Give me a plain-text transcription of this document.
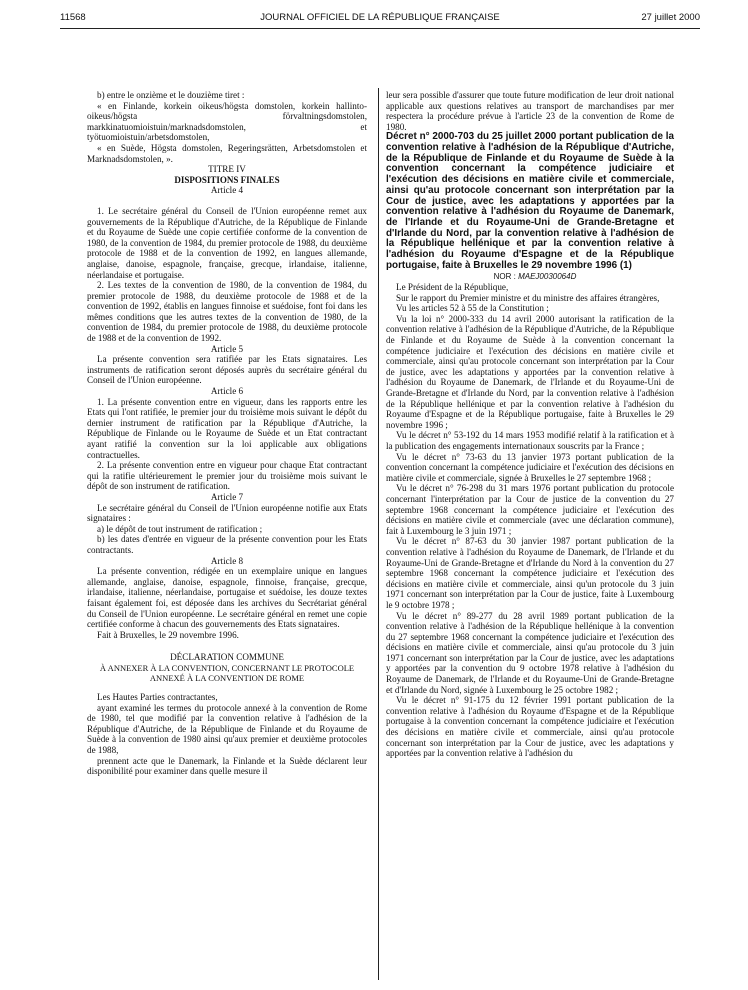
11568	JOURNAL OFFICIEL DE LA RÉPUBLIQUE FRANÇAISE	27 juillet 2000

b) entre le onzième et le douzième tiret :

« en Finlande, korkein oikeus/högsta domstolen, korkein hallinto-oikeus/högsta förvaltningsdomstolen, markkinatuomioistuin/marknadsdomstolen, et työtuomioistuin/arbetsdomstolen,

« en Suède, Högsta domstolen, Regeringsrätten, Arbetsdomstolen et Marknadsdomstolen, ».

TITRE IV

DISPOSITIONS FINALES

Article 4

1. Le secrétaire général du Conseil de l'Union européenne remet aux gouvernements de la République d'Autriche, de la République de Finlande et du Royaume de Suède une copie certifiée conforme de la convention de 1980, de la convention de 1984, du premier protocole de 1988, du deuxième protocole de 1988 et de la convention de 1992, en langues allemande, anglaise, danoise, espagnole, française, grecque, irlandaise, italienne, néerlandaise et portugaise.

2. Les textes de la convention de 1980, de la convention de 1984, du premier protocole de 1988, du deuxième protocole de 1988 et de la convention de 1992, établis en langues finnoise et suédoise, font foi dans les mêmes conditions que les autres textes de la convention de 1980, de la convention de 1984, du premier protocole de 1988, du deuxième protocole de 1988 et de la convention de 1992.

Article 5

La présente convention sera ratifiée par les Etats signataires. Les instruments de ratification seront déposés auprès du secrétaire général du Conseil de l'Union européenne.

Article 6

1. La présente convention entre en vigueur, dans les rapports entre les Etats qui l'ont ratifiée, le premier jour du troisième mois suivant le dépôt du dernier instrument de ratification par la République d'Autriche, la République de Finlande ou le Royaume de Suède et un Etat contractant ayant ratifié la convention sur la loi applicable aux obligations contractuelles.

2. La présente convention entre en vigueur pour chaque Etat contractant qui la ratifie ultérieurement le premier jour du troisième mois suivant le dépôt de son instrument de ratification.

Article 7

Le secrétaire général du Conseil de l'Union européenne notifie aux Etats signataires :

a) le dépôt de tout instrument de ratification ;

b) les dates d'entrée en vigueur de la présente convention pour les Etats contractants.

Article 8

La présente convention, rédigée en un exemplaire unique en langues allemande, anglaise, danoise, espagnole, finnoise, française, grecque, irlandaise, italienne, néerlandaise, portugaise et suédoise, les douze textes faisant également foi, est déposée dans les archives du Secrétariat général du Conseil de l'Union européenne. Le secrétaire général en remet une copie certifiée conforme à chacun des gouvernements des Etats signataires.

Fait à Bruxelles, le 29 novembre 1996.

DÉCLARATION COMMUNE

À ANNEXER À LA CONVENTION, CONCERNANT LE PROTOCOLE ANNEXÉ À LA CONVENTION DE ROME

Les Hautes Parties contractantes,

ayant examiné les termes du protocole annexé à la convention de Rome de 1980, tel que modifié par la convention relative à l'adhésion de la République d'Autriche, de la République de Finlande et du Royaume de Suède à la convention de 1980 ainsi qu'aux premier et deuxième protocoles de 1988,

prennent acte que le Danemark, la Finlande et la Suède déclarent leur disponibilité pour examiner dans quelle mesure il

leur sera possible d'assurer que toute future modification de leur droit national applicable aux questions relatives au transport de marchandises par mer respectera la procédure prévue à l'article 23 de la convention de Rome de 1980.

Décret n° 2000-703 du 25 juillet 2000 portant publication de la convention relative à l'adhésion de la République d'Autriche, de la République de Finlande et du Royaume de Suède à la convention concernant la compétence judiciaire et l'exécution des décisions en matière civile et commerciale, ainsi qu'au protocole concernant son interprétation par la Cour de justice, avec les adaptations y apportées par la convention relative à l'adhésion du Royaume de Danemark, de l'Irlande et du Royaume-Uni de Grande-Bretagne et d'Irlande du Nord, par la convention relative à l'adhésion de la République hellénique et par la convention relative à l'adhésion du Royaume d'Espagne et de la République portugaise, faite à Bruxelles le 29 novembre 1996 (1)

NOR : MAEJ0030064D

Le Président de la République,

Sur le rapport du Premier ministre et du ministre des affaires étrangères,

Vu les articles 52 à 55 de la Constitution ;

Vu la loi n° 2000-333 du 14 avril 2000 autorisant la ratification de la convention relative à l'adhésion de la République d'Autriche, de la République de Finlande et du Royaume de Suède à la convention concernant la compétence judiciaire et l'exécution des décisions en matière civile et commerciale, ainsi qu'au protocole concernant son interprétation par la Cour de justice, avec les adaptations y apportées par la convention relative à l'adhésion du Royaume de Danemark, de l'Irlande et du Royaume-Uni de Grande-Bretagne et d'Irlande du Nord, par la convention relative à l'adhésion de la République hellénique et par la convention relative à l'adhésion du Royaume d'Espagne et de la République portugaise, faite à Bruxelles le 29 novembre 1996 ;

Vu le décret n° 53-192 du 14 mars 1953 modifié relatif à la ratification et à la publication des engagements internationaux souscrits par la France ;

Vu le décret n° 73-63 du 13 janvier 1973 portant publication de la convention concernant la compétence judiciaire et l'exécution des décisions en matière civile et commerciale, signée à Bruxelles le 27 septembre 1968 ;

Vu le décret n° 76-298 du 31 mars 1976 portant publication du protocole concernant l'interprétation par la Cour de justice de la convention du 27 septembre 1968 concernant la compétence judiciaire et l'exécution des décisions en matière civile et commerciale (avec une déclaration commune), fait à Luxembourg le 3 juin 1971 ;

Vu le décret n° 87-63 du 30 janvier 1987 portant publication de la convention relative à l'adhésion du Royaume de Danemark, de l'Irlande et du Royaume-Uni de Grande-Bretagne et d'Irlande du Nord à la convention du 27 septembre 1968 concernant la compétence judiciaire et l'exécution des décisions en matière civile et commerciale, ainsi qu'un protocole du 3 juin 1971 concernant son interprétation par la Cour de justice, faite à Luxembourg le 9 octobre 1978 ;

Vu le décret n° 89-277 du 28 avril 1989 portant publication de la convention relative à l'adhésion de la République hellénique à la convention du 27 septembre 1968 concernant la compétence judiciaire et l'exécution des décisions en matière civile et commerciale, ainsi qu'au protocole du 3 juin 1971 concernant son interprétation par la Cour de justice, avec les adaptations y apportées par la convention du 9 octobre 1978 relative à l'adhésion du Royaume de Danemark, de l'Irlande et du Royaume-Uni de Grande-Bretagne et d'Irlande du Nord, signée à Luxembourg le 25 octobre 1982 ;

Vu le décret n° 91-175 du 12 février 1991 portant publication de la convention relative à l'adhésion du Royaume d'Espagne et de la République portugaise à la convention concernant la compétence judiciaire et l'exécution des décisions en matière civile et commerciale, ainsi qu'au protocole concernant son interprétation par la Cour de justice, avec les adaptations y apportées par la convention relative à l'adhésion du
